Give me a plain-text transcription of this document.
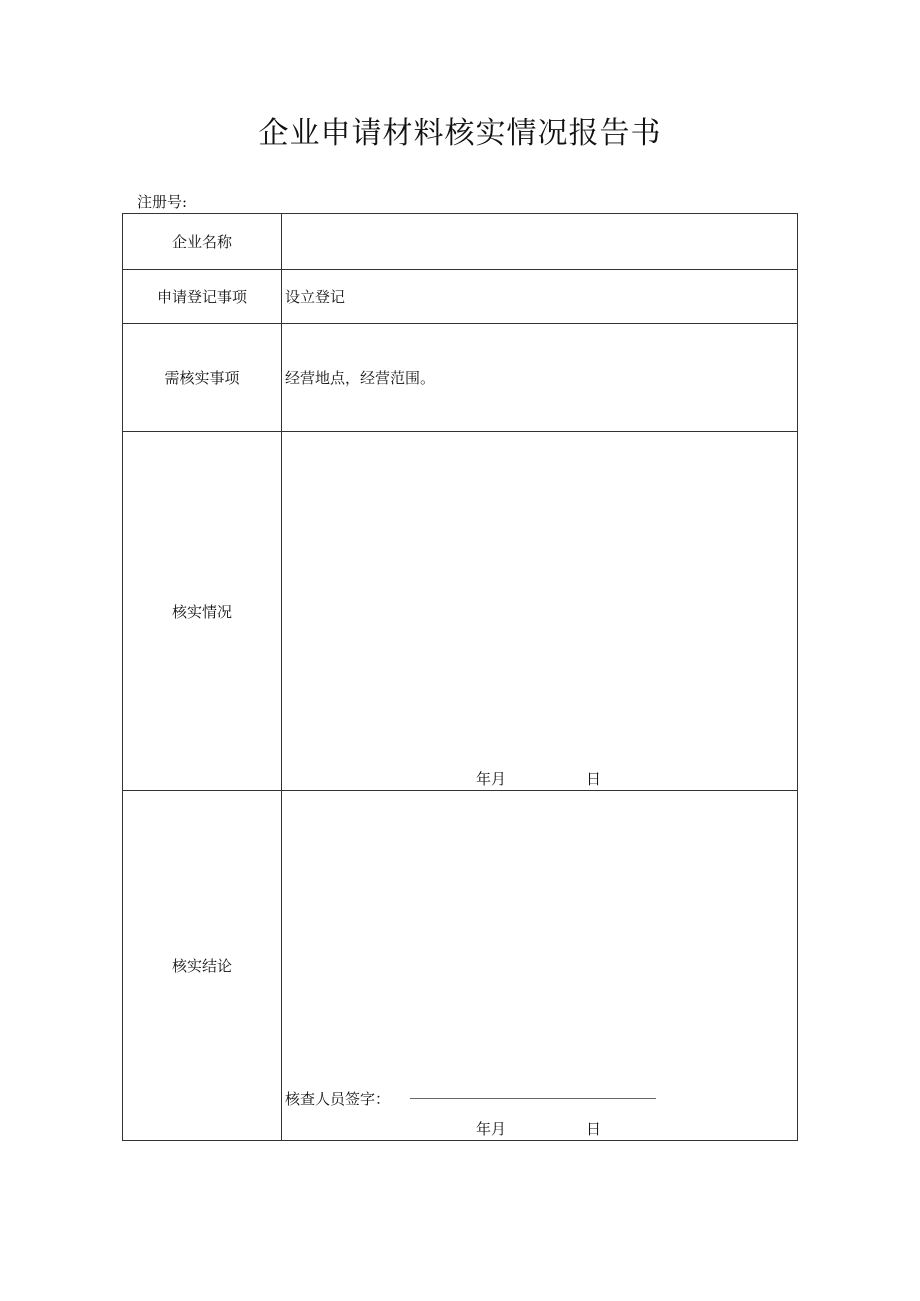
企业申请材料核实情况报告书
注册号:
企业名称	
申请登记事项	设立登记
需核实事项	经营地点，经营范围。
核实情况	年月 日

核实结论	核查人员签字：
年月 日
